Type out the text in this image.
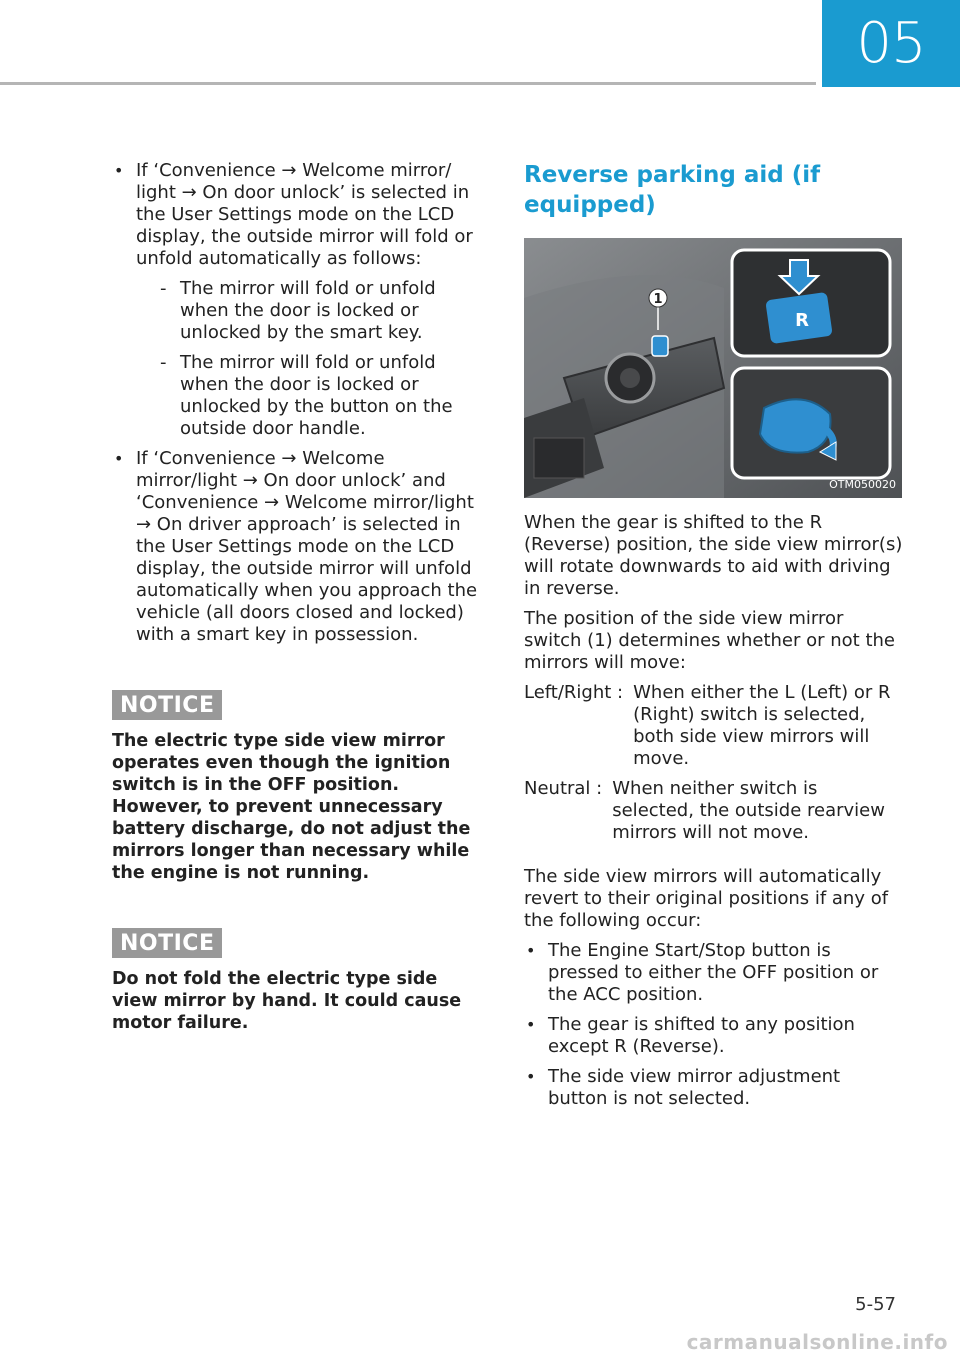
05
• If ‘Convenience → Welcome mirror/ light → On door unlock’ is selected in the User Settings mode on the LCD display, the outside mirror will fold or unfold automatically as follows:
- The mirror will fold or unfold when the door is locked or unlocked by the smart key.
- The mirror will fold or unfold when the door is locked or unlocked by the button on the outside door handle.
• If ‘Convenience → Welcome mirror/light → On door unlock’ and ‘Convenience → Welcome mirror/light → On driver approach’ is selected in the User Settings mode on the LCD display, the outside mirror will unfold automatically when you approach the vehicle (all doors closed and locked) with a smart key in possession.
NOTICE
The electric type side view mirror operates even though the ignition switch is in the OFF position. However, to prevent unnecessary battery discharge, do not adjust the mirrors longer than necessary while the engine is not running.
NOTICE
Do not fold the electric type side view mirror by hand. It could cause motor failure.
Reverse parking aid (if equipped)
1
R
OTM050020
When the gear is shifted to the R (Reverse) position, the side view mirror(s) will rotate downwards to aid with driving in reverse.
The position of the side view mirror switch (1) determines whether or not the mirrors will move:
Left/Right : When either the L (Left) or R (Right) switch is selected, both side view mirrors will move.
Neutral : When neither switch is selected, the outside rearview mirrors will not move.
The side view mirrors will automatically revert to their original positions if any of the following occur:
• The Engine Start/Stop button is pressed to either the OFF position or the ACC position.
• The gear is shifted to any position except R (Reverse).
• The side view mirror adjustment button is not selected.
5-57
carmanualsonline.info
